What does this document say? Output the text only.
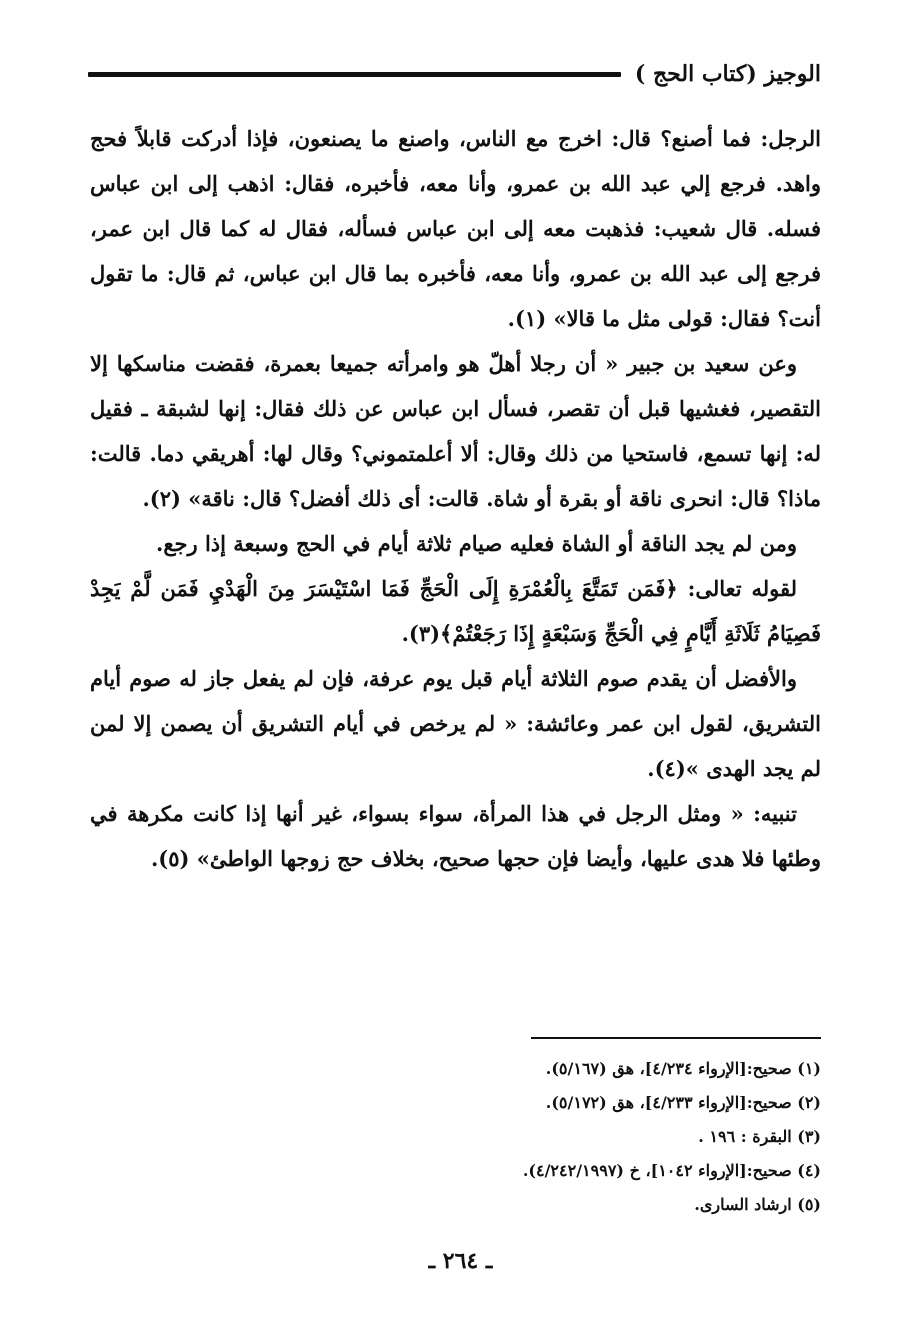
الوجيز (كتاب الحج )

الرجل: فما أصنع؟ قال: اخرج مع الناس، واصنع ما يصنعون، فإذا أدركت قابلاً فحج واهد. فرجع إلي عبد الله بن عمرو، وأنا معه، فأخبره، فقال: اذهب إلى ابن عباس فسله. قال شعيب: فذهبت معه إلى ابن عباس فسأله، فقال له كما قال ابن عمر، فرجع إلى عبد الله بن عمرو، وأنا معه، فأخبره بما قال ابن عباس، ثم قال: ما تقول أنت؟ فقال: قولى مثل ما قالا» (١).

وعن سعيد بن جبير « أن رجلا أهلّ هو وامرأته جميعا بعمرة، فقضت مناسكها إلا التقصير، فغشيها قبل أن تقصر، فسأل ابن عباس عن ذلك فقال: إنها لشبقة ـ فقيل له: إنها تسمع، فاستحيا من ذلك وقال: ألا أعلمتموني؟ وقال لها: أهريقي دما. قالت: ماذا؟ قال: انحرى ناقة أو بقرة أو شاة. قالت: أى ذلك أفضل؟ قال: ناقة» (٢).

ومن لم يجد الناقة أو الشاة فعليه صيام ثلاثة أيام في الحج وسبعة إذا رجع.

لقوله تعالى: ﴿فَمَن تَمَتَّعَ بِالْعُمْرَةِ إِلَى الْحَجِّ فَمَا اسْتَيْسَرَ مِنَ الْهَدْيِ فَمَن لَّمْ يَجِدْ فَصِيَامُ ثَلَاثَةِ أَيَّامٍ فِي الْحَجِّ وَسَبْعَةٍ إِذَا رَجَعْتُمْ﴾(٣).

والأفضل أن يقدم صوم الثلاثة أيام قبل يوم عرفة، فإن لم يفعل جاز له صوم أيام التشريق، لقول ابن عمر وعائشة: « لم يرخص في أيام التشريق أن يصمن إلا لمن لم يجد الهدى »(٤).

تنبيه: « ومثل الرجل في هذا المرأة، سواء بسواء، غير أنها إذا كانت مكرهة في وطئها فلا هدى عليها، وأيضا فإن حجها صحيح، بخلاف حج زوجها الواطئ» (٥).

(١) صحيح:[الإرواء ٤/٢٣٤]، هق (٥/١٦٧).

(٢) صحيح:[الإرواء ٤/٢٣٣]، هق (٥/١٧٢).

(٣) البقرة : ١٩٦ .

(٤) صحيح:[الإرواء ١٠٤٢]، خ (٤/٢٤٢/١٩٩٧).

(٥) ارشاد السارى.

ـ ٢٦٤ ـ
